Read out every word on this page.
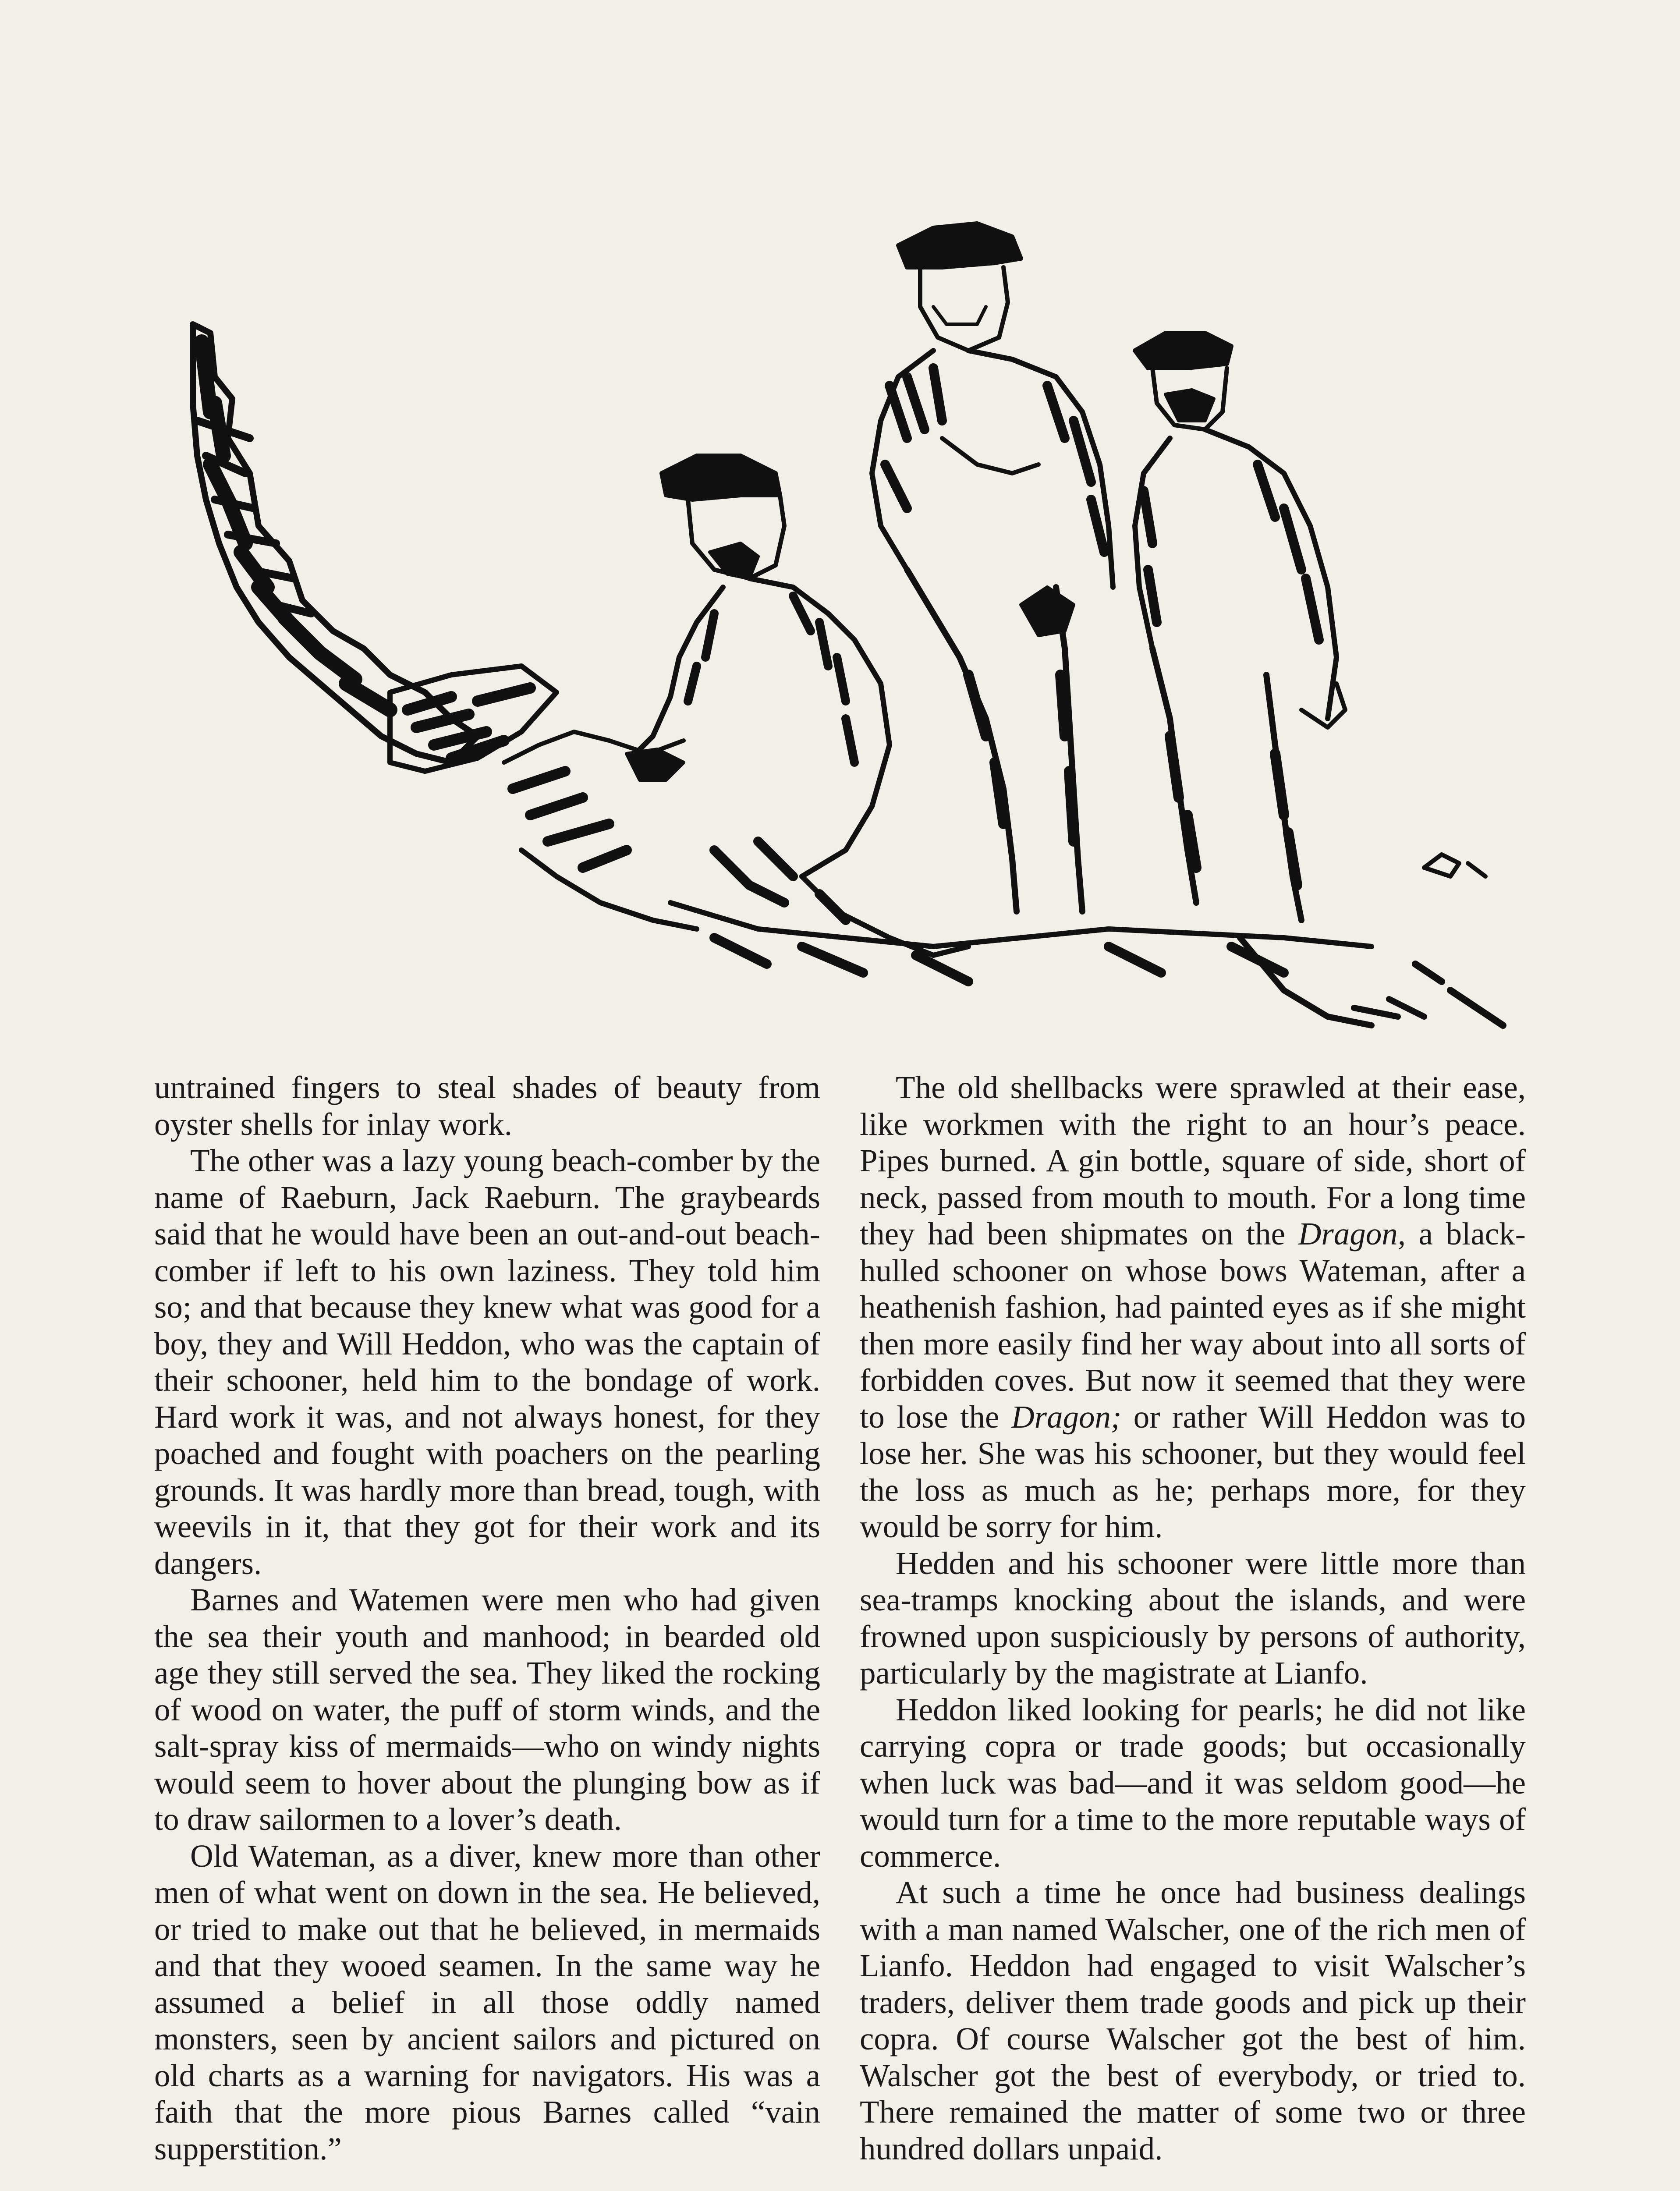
untrained fingers to steal shades of beauty from oyster shells for inlay work.

The other was a lazy young beach-comber by the name of Raeburn, Jack Raeburn. The graybeards said that he would have been an out-and-out beach-comber if left to his own laziness. They told him so; and that because they knew what was good for a boy, they and Will Heddon, who was the captain of their schooner, held him to the bondage of work. Hard work it was, and not always honest, for they poached and fought with poachers on the pearling grounds. It was hardly more than bread, tough, with weevils in it, that they got for their work and its dangers.

Barnes and Watemen were men who had given the sea their youth and manhood; in bearded old age they still served the sea. They liked the rocking of wood on water, the puff of storm winds, and the salt-spray kiss of mermaids—who on windy nights would seem to hover about the plunging bow as if to draw sailormen to a lover’s death.

Old Wateman, as a diver, knew more than other men of what went on down in the sea. He believed, or tried to make out that he believed, in mermaids and that they wooed seamen. In the same way he assumed a belief in all those oddly named monsters, seen by ancient sailors and pictured on old charts as a warning for navigators. His was a faith that the more pious Barnes called “vain supperstition.”

The old shellbacks were sprawled at their ease, like workmen with the right to an hour’s peace. Pipes burned. A gin bottle, square of side, short of neck, passed from mouth to mouth. For a long time they had been shipmates on the Dragon, a black-hulled schooner on whose bows Wateman, after a heathenish fashion, had painted eyes as if she might then more easily find her way about into all sorts of forbidden coves. But now it seemed that they were to lose the Dragon; or rather Will Heddon was to lose her. She was his schooner, but they would feel the loss as much as he; perhaps more, for they would be sorry for him.

Hedden and his schooner were little more than sea-tramps knocking about the islands, and were frowned upon suspiciously by persons of authority, particularly by the magistrate at Lianfo.

Heddon liked looking for pearls; he did not like carrying copra or trade goods; but occasionally when luck was bad—and it was seldom good—he would turn for a time to the more reputable ways of commerce.

At such a time he once had business dealings with a man named Walscher, one of the rich men of Lianfo. Heddon had engaged to visit Walscher’s traders, deliver them trade goods and pick up their copra. Of course Walscher got the best of him. Walscher got the best of everybody, or tried to. There remained the matter of some two or three hundred dollars unpaid.
